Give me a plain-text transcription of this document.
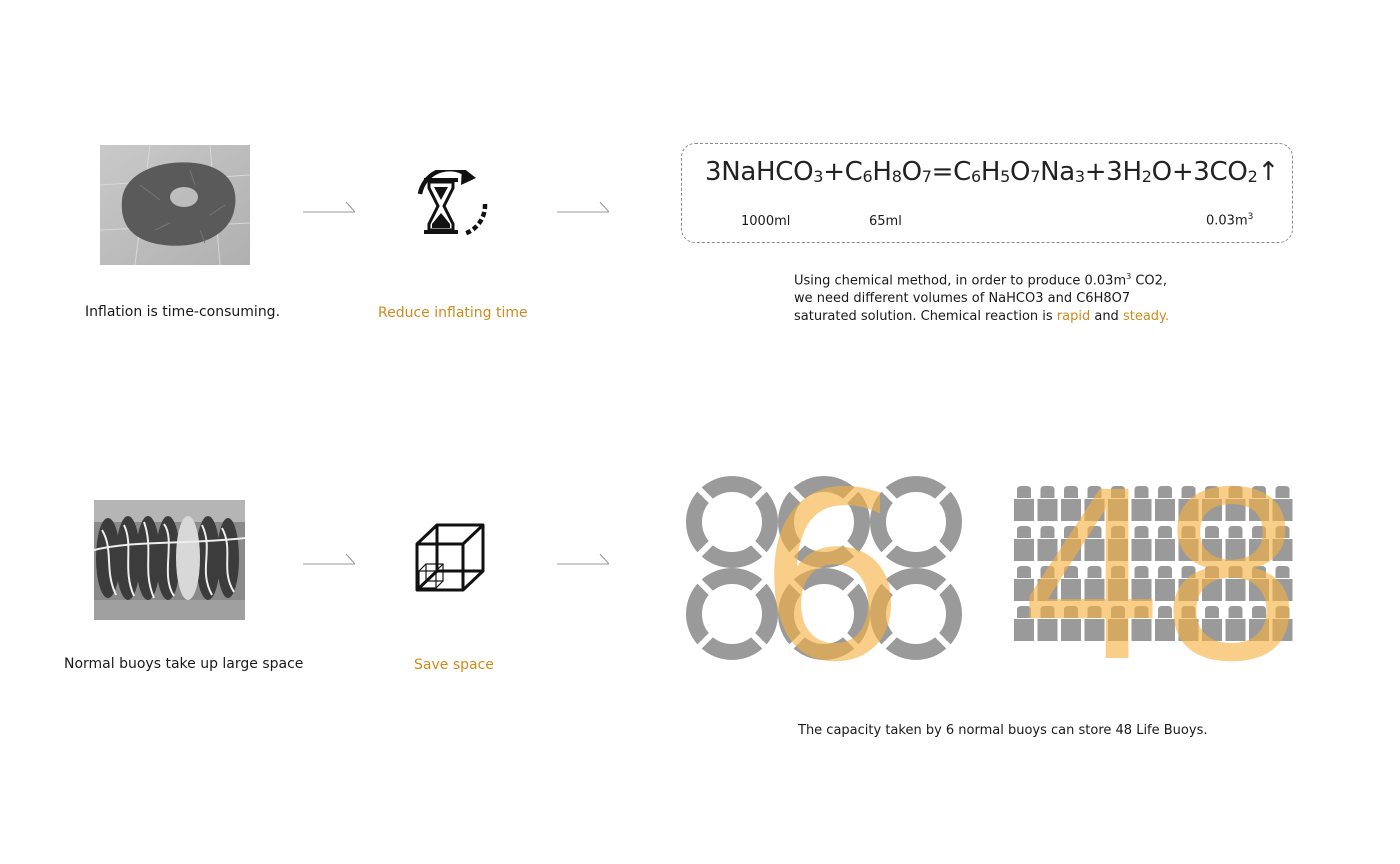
Inflation is time-consuming.	Reduce inflating time
$3NaHCO_3+C_6H_8O_7=C_6H_5O_7Na_3+3H_2O+3CO_2↑$
1000ml	65ml	$0.03m^3$
Using chemical method, in order to produce $0.03m^3$ CO2,
we need different volumes of NaHCO3 and C6H8O7
saturated solution. Chemical reaction is rapid and steady.
Normal buoys take up large space	Save space 6 48
The capacity taken by 6 normal buoys can store 48 Life Buoys.
